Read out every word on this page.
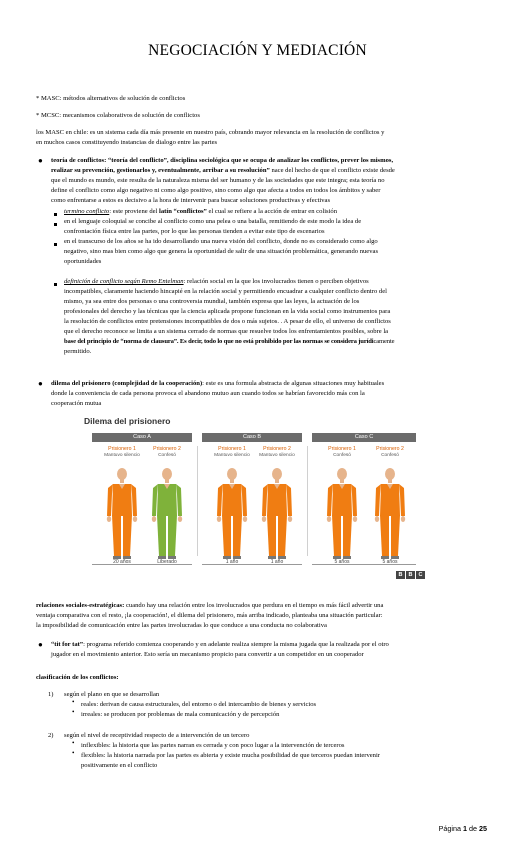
NEGOCIACIÓN Y MEDIACIÓN
* MASC: métodos alternativos de solución de conflictos
* MCSC: mecanismos colaborativos de solución de conflictos
los MASC en chile: es un sistema cada día más presente en nuestro país, cobrando mayor relevancia en la resolución de conflictos y
en muchos casos constituyendo instancias de dialogo entre las partes
● teoría de conflictos: “teoría del conflicto”, disciplina sociológica que se ocupa de analizar los conflictos, prever los mismos,
realizar su prevención, gestionarlos y, eventualmente, arribar a su resolución” nace del hecho de que el conflicto existe desde
que el mundo es mundo, este resulta de la naturaleza misma del ser humano y de las sociedades que este integra; esta teoría no
define el conflicto como algo negativo ni como algo positivo, sino como algo que afecta a todos en todos los ámbitos y saber
como enfrentarse a estos es decisivo a la hora de intervenir para buscar soluciones productivas y efectivas
termino conflicto: este proviene del latín “conflictos” el cual se refiere a la acción de entrar en colisión
en el lenguaje coloquial se concibe al conflicto como una pelea o una batalla, remitiendo de este modo la idea de
confrontación física entre las partes, por lo que las personas tienden a evitar este tipo de escenarios
en el transcurso de los años se ha ido desarrollando una nueva visión del conflicto, donde no es considerado como algo
negativo, sino mas bien como algo que genera la oportunidad de salir de una situación problemática, generando nuevas
oportunidades
definición de conflicto según Remo Entelman: relación social en la que los involucrados tienen o perciben objetivos
incompatibles, claramente haciendo hincapié en la relación social y permitiendo encuadrar a cualquier conflicto dentro del
mismo, ya sea entre dos personas o una controversia mundial, también expresa que las leyes, la actuación de los
profesionales del derecho y las técnicas que la ciencia aplicada propone funcionan en la vida social como instrumentos para
la resolución de conflictos entre pretensiones incompatibles de dos o más sujetos. . A pesar de ello, el universo de conflictos
que el derecho reconoce se limita a un sistema cerrado de normas que resuelve todos los enfrentamientos posibles, sobre la
base del principio de “norma de clausura”. Es decir, todo lo que no está prohibido por las normas se considera jurídicamente
permitido.
● dilema del prisionero (complejidad de la cooperación): este es una formula abstracta de algunas situaciones muy habituales
donde la conveniencia de cada persona provoca el abandono mutuo aun cuando todos se habrían favorecido más con la
cooperación mutua
Dilema del prisionero
Caso A	Caso B	Caso C
Prisionero 1
Mantuvo silencio
Prisionero 2
Confesó
Prisionero 1
Mantuvo silencio
Prisionero 2
Mantuvo silencio
Prisionero 1
Confesó
Prisionero 2
Confesó
20 años	Liberado	1 año	1 año	5 años	5 años
B	B	C
relaciones sociales-estratégicas: cuando hay una relación entre los involucrados que perdura en el tiempo es más fácil advertir una
ventaja comparativa con el resto, ¡la cooperación!, el dilema del prisionero, más arriba indicado, planteaba una situación particular:
la imposibilidad de comunicación entre las partes involucradas lo que conduce a una conducta no colaborativa
● “tit for tat”: programa referido comienza cooperando y en adelante realiza siempre la misma jugada que la realizada por el otro
jugador en el movimiento anterior. Esto sería un mecanismo propicio para convertir a un competidor en un cooperador
clasificación de los conflictos:
1) según el plano en que se desarrollan
• reales: derivan de causa estructurales, del entorno o del intercambio de bienes y servicios
• irreales: se producen por problemas de mala comunicación y de percepción
2) según el nivel de receptividad respecto de a intervención de un tercero
• inflexibles: la historia que las partes narran es cerrada y con poco lugar a la intervención de terceros
• flexibles: la historia narrada por las partes es abierta y existe mucha posibilidad de que terceros puedan intervenir
positivamente en el conflicto
Página 1 de 25
